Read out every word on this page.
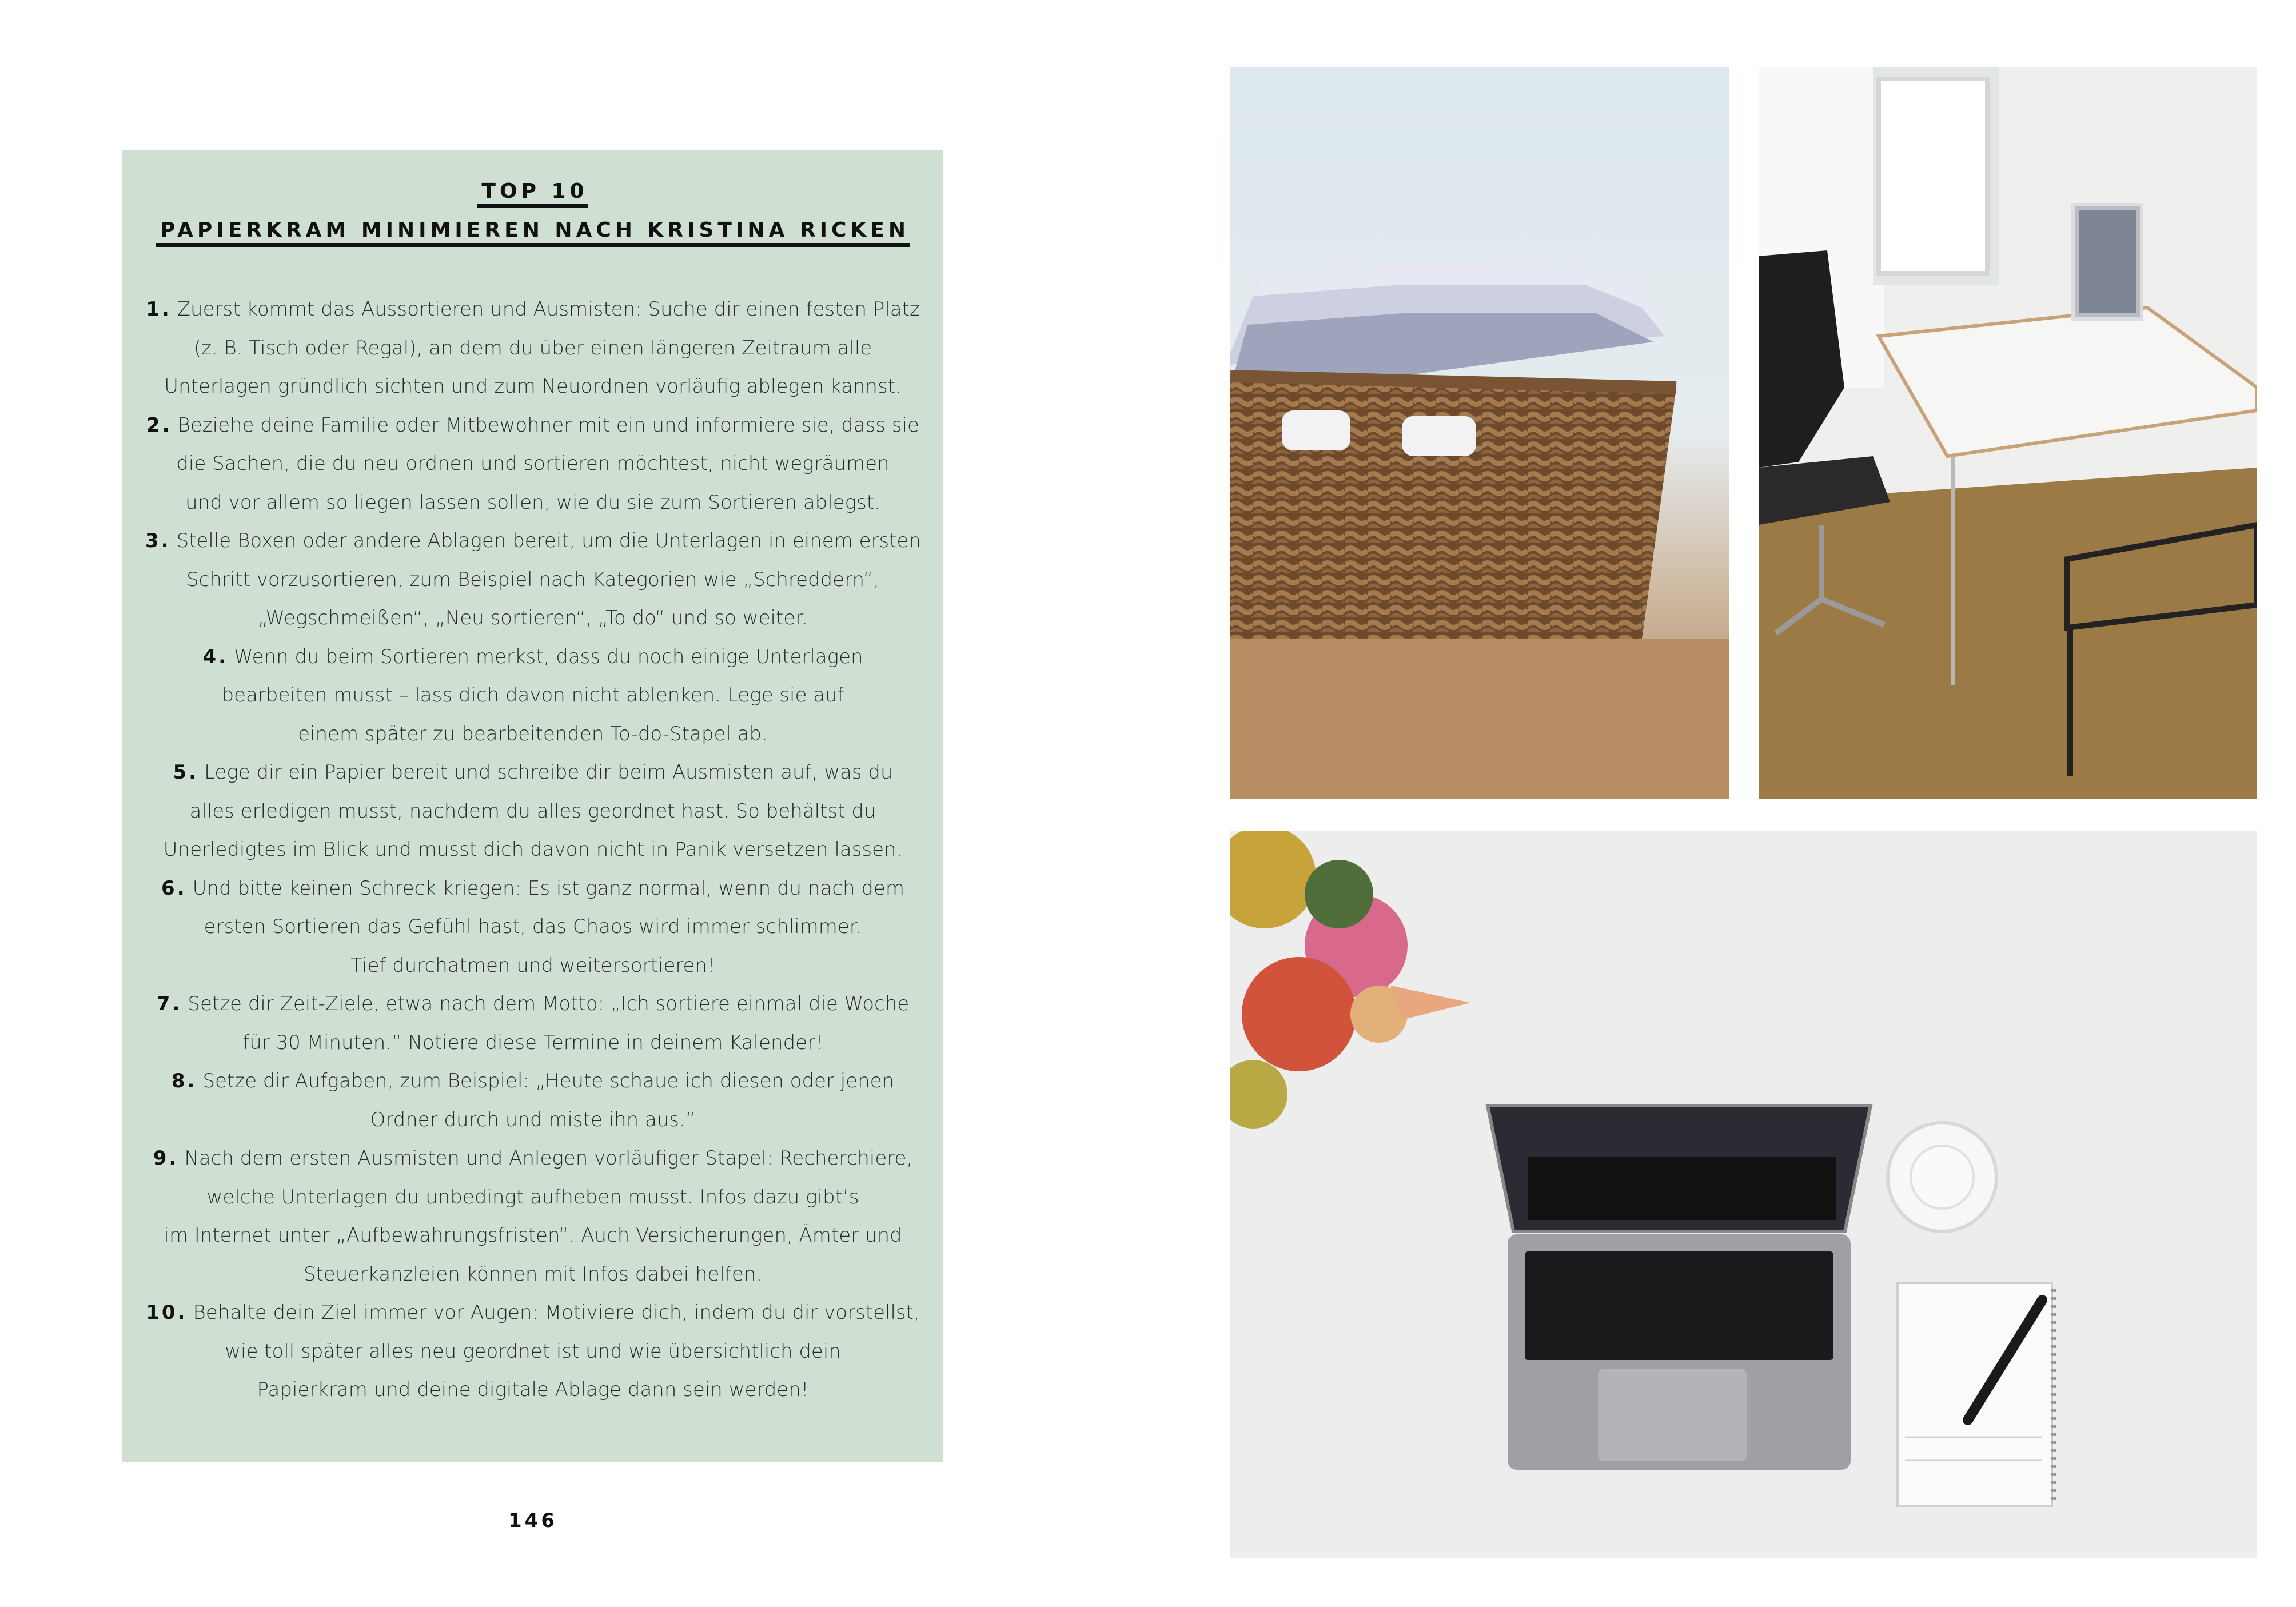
TOP 10
PAPIERKRAM MINIMIEREN NACH KRISTINA RICKEN
1. Zuerst kommt das Aussortieren und Ausmisten: Suche dir einen festen Platz
(z. B. Tisch oder Regal), an dem du über einen längeren Zeitraum alle
Unterlagen gründlich sichten und zum Neuordnen vorläufig ablegen kannst.
2. Beziehe deine Familie oder Mitbewohner mit ein und informiere sie, dass sie
die Sachen, die du neu ordnen und sortieren möchtest, nicht wegräumen
und vor allem so liegen lassen sollen, wie du sie zum Sortieren ablegst.
3. Stelle Boxen oder andere Ablagen bereit, um die Unterlagen in einem ersten
Schritt vorzusortieren, zum Beispiel nach Kategorien wie „Schreddern“,
„Wegschmeißen“, „Neu sortieren“, „To do“ und so weiter.
4. Wenn du beim Sortieren merkst, dass du noch einige Unterlagen
bearbeiten musst – lass dich davon nicht ablenken. Lege sie auf
einem später zu bearbeitenden To-do-Stapel ab.
5. Lege dir ein Papier bereit und schreibe dir beim Ausmisten auf, was du
alles erledigen musst, nachdem du alles geordnet hast. So behältst du
Unerledigtes im Blick und musst dich davon nicht in Panik versetzen lassen.
6. Und bitte keinen Schreck kriegen: Es ist ganz normal, wenn du nach dem
ersten Sortieren das Gefühl hast, das Chaos wird immer schlimmer.
Tief durchatmen und weitersortieren!
7. Setze dir Zeit-Ziele, etwa nach dem Motto: „Ich sortiere einmal die Woche
für 30 Minuten.“ Notiere diese Termine in deinem Kalender!
8. Setze dir Aufgaben, zum Beispiel: „Heute schaue ich diesen oder jenen
Ordner durch und miste ihn aus.“
9. Nach dem ersten Ausmisten und Anlegen vorläufiger Stapel: Recherchiere,
welche Unterlagen du unbedingt aufheben musst. Infos dazu gibt’s
im Internet unter „Aufbewahrungsfristen“. Auch Versicherungen, Ämter und
Steuerkanzleien können mit Infos dabei helfen.
10. Behalte dein Ziel immer vor Augen: Motiviere dich, indem du dir vorstellst,
wie toll später alles neu geordnet ist und wie übersichtlich dein
Papierkram und deine digitale Ablage dann sein werden!
146
